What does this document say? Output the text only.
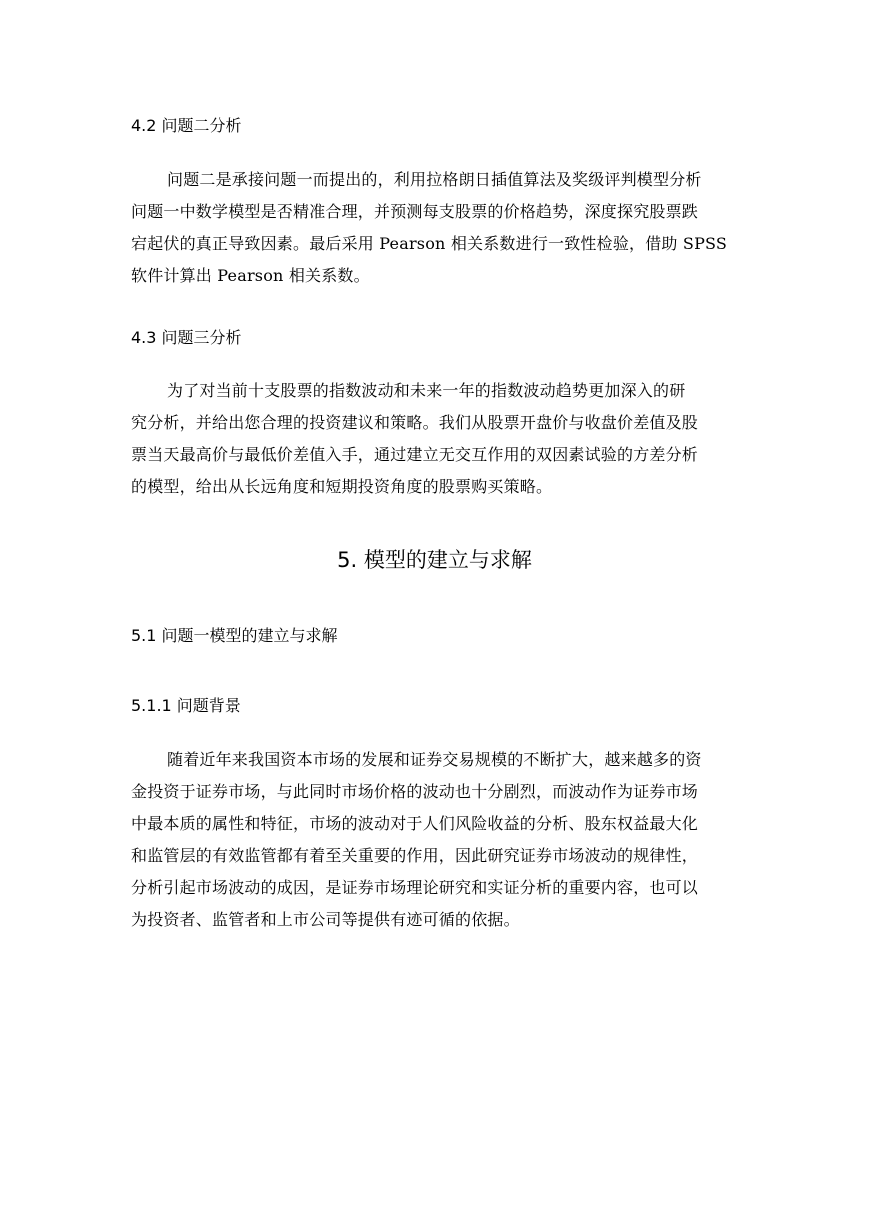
4.2 问题二分析
问题二是承接问题一而提出的，利用拉格朗日插值算法及奖级评判模型分析
问题一中数学模型是否精准合理，并预测每支股票的价格趋势，深度探究股票跌
宕起伏的真正导致因素。最后采用 Pearson 相关系数进行一致性检验，借助 SPSS
软件计算出 Pearson 相关系数。
4.3 问题三分析
为了对当前十支股票的指数波动和未来一年的指数波动趋势更加深入的研
究分析，并给出您合理的投资建议和策略。我们从股票开盘价与收盘价差值及股
票当天最高价与最低价差值入手，通过建立无交互作用的双因素试验的方差分析
的模型，给出从长远角度和短期投资角度的股票购买策略。
5. 模型的建立与求解
5.1 问题一模型的建立与求解
5.1.1 问题背景
随着近年来我国资本市场的发展和证券交易规模的不断扩大，越来越多的资
金投资于证券市场，与此同时市场价格的波动也十分剧烈，而波动作为证券市场
中最本质的属性和特征，市场的波动对于人们风险收益的分析、股东权益最大化
和监管层的有效监管都有着至关重要的作用，因此研究证券市场波动的规律性，
分析引起市场波动的成因，是证券市场理论研究和实证分析的重要内容，也可以
为投资者、监管者和上市公司等提供有迹可循的依据。
